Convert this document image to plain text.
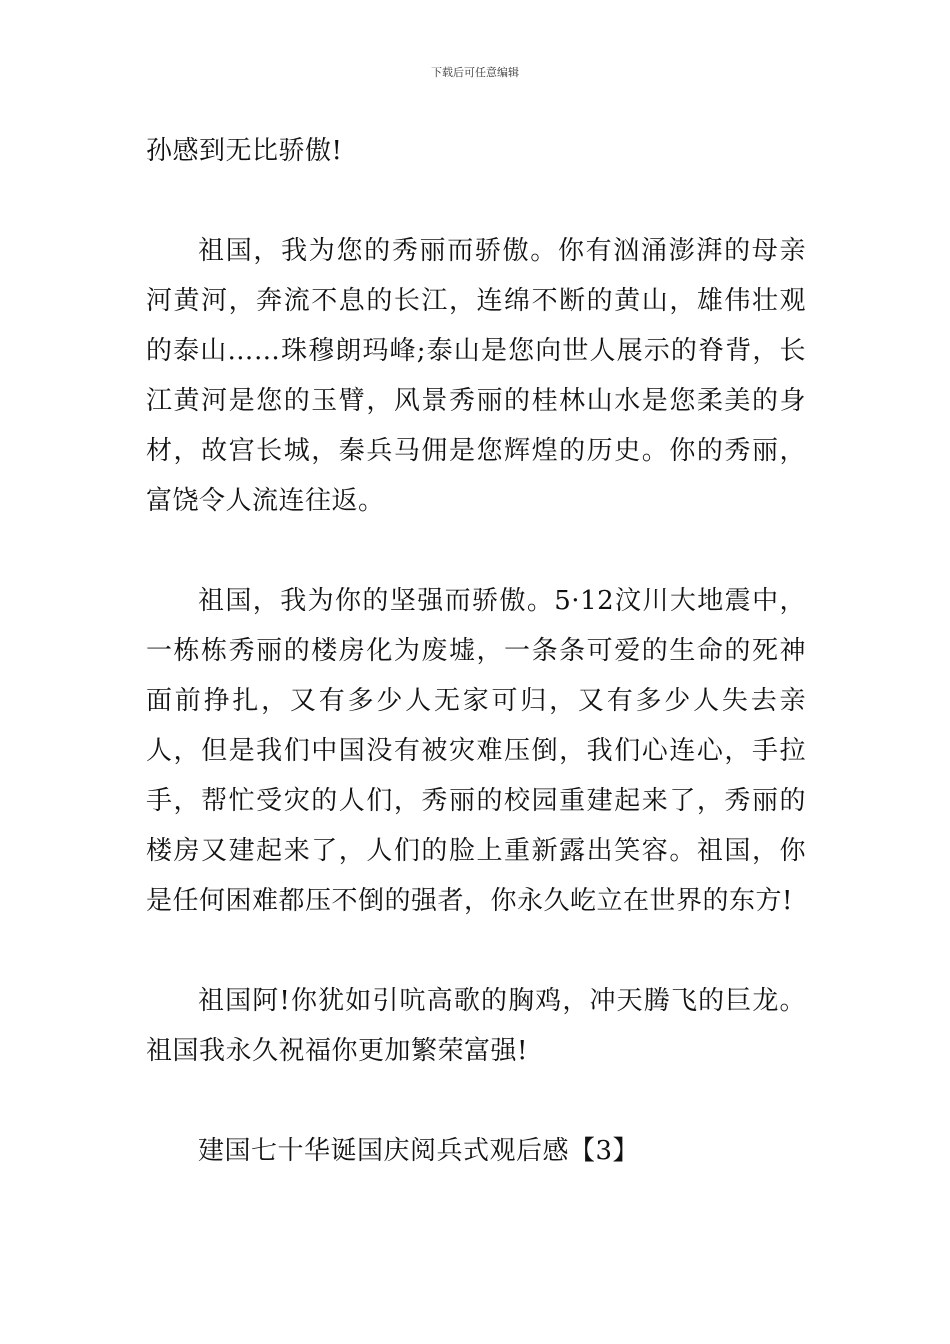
下载后可任意编辑

孙感到无比骄傲!

祖国，我为您的秀丽而骄傲。你有汹涌澎湃的母亲河黄河，奔流不息的长江，连绵不断的黄山，雄伟壮观的泰山……珠穆朗玛峰;泰山是您向世人展示的脊背，长江黄河是您的玉臂，风景秀丽的桂林山水是您柔美的身材，故宫长城，秦兵马佣是您辉煌的历史。你的秀丽，富饶令人流连往返。

祖国，我为你的坚强而骄傲。5·12汶川大地震中，一栋栋秀丽的楼房化为废墟，一条条可爱的生命的死神面前挣扎，又有多少人无家可归，又有多少人失去亲人，但是我们中国没有被灾难压倒，我们心连心，手拉手，帮忙受灾的人们，秀丽的校园重建起来了，秀丽的楼房又建起来了，人们的脸上重新露出笑容。祖国，你是任何困难都压不倒的强者，你永久屹立在世界的东方!

祖国阿!你犹如引吭高歌的胸鸡，冲天腾飞的巨龙。祖国我永久祝福你更加繁荣富强!

建国七十华诞国庆阅兵式观后感【3】
